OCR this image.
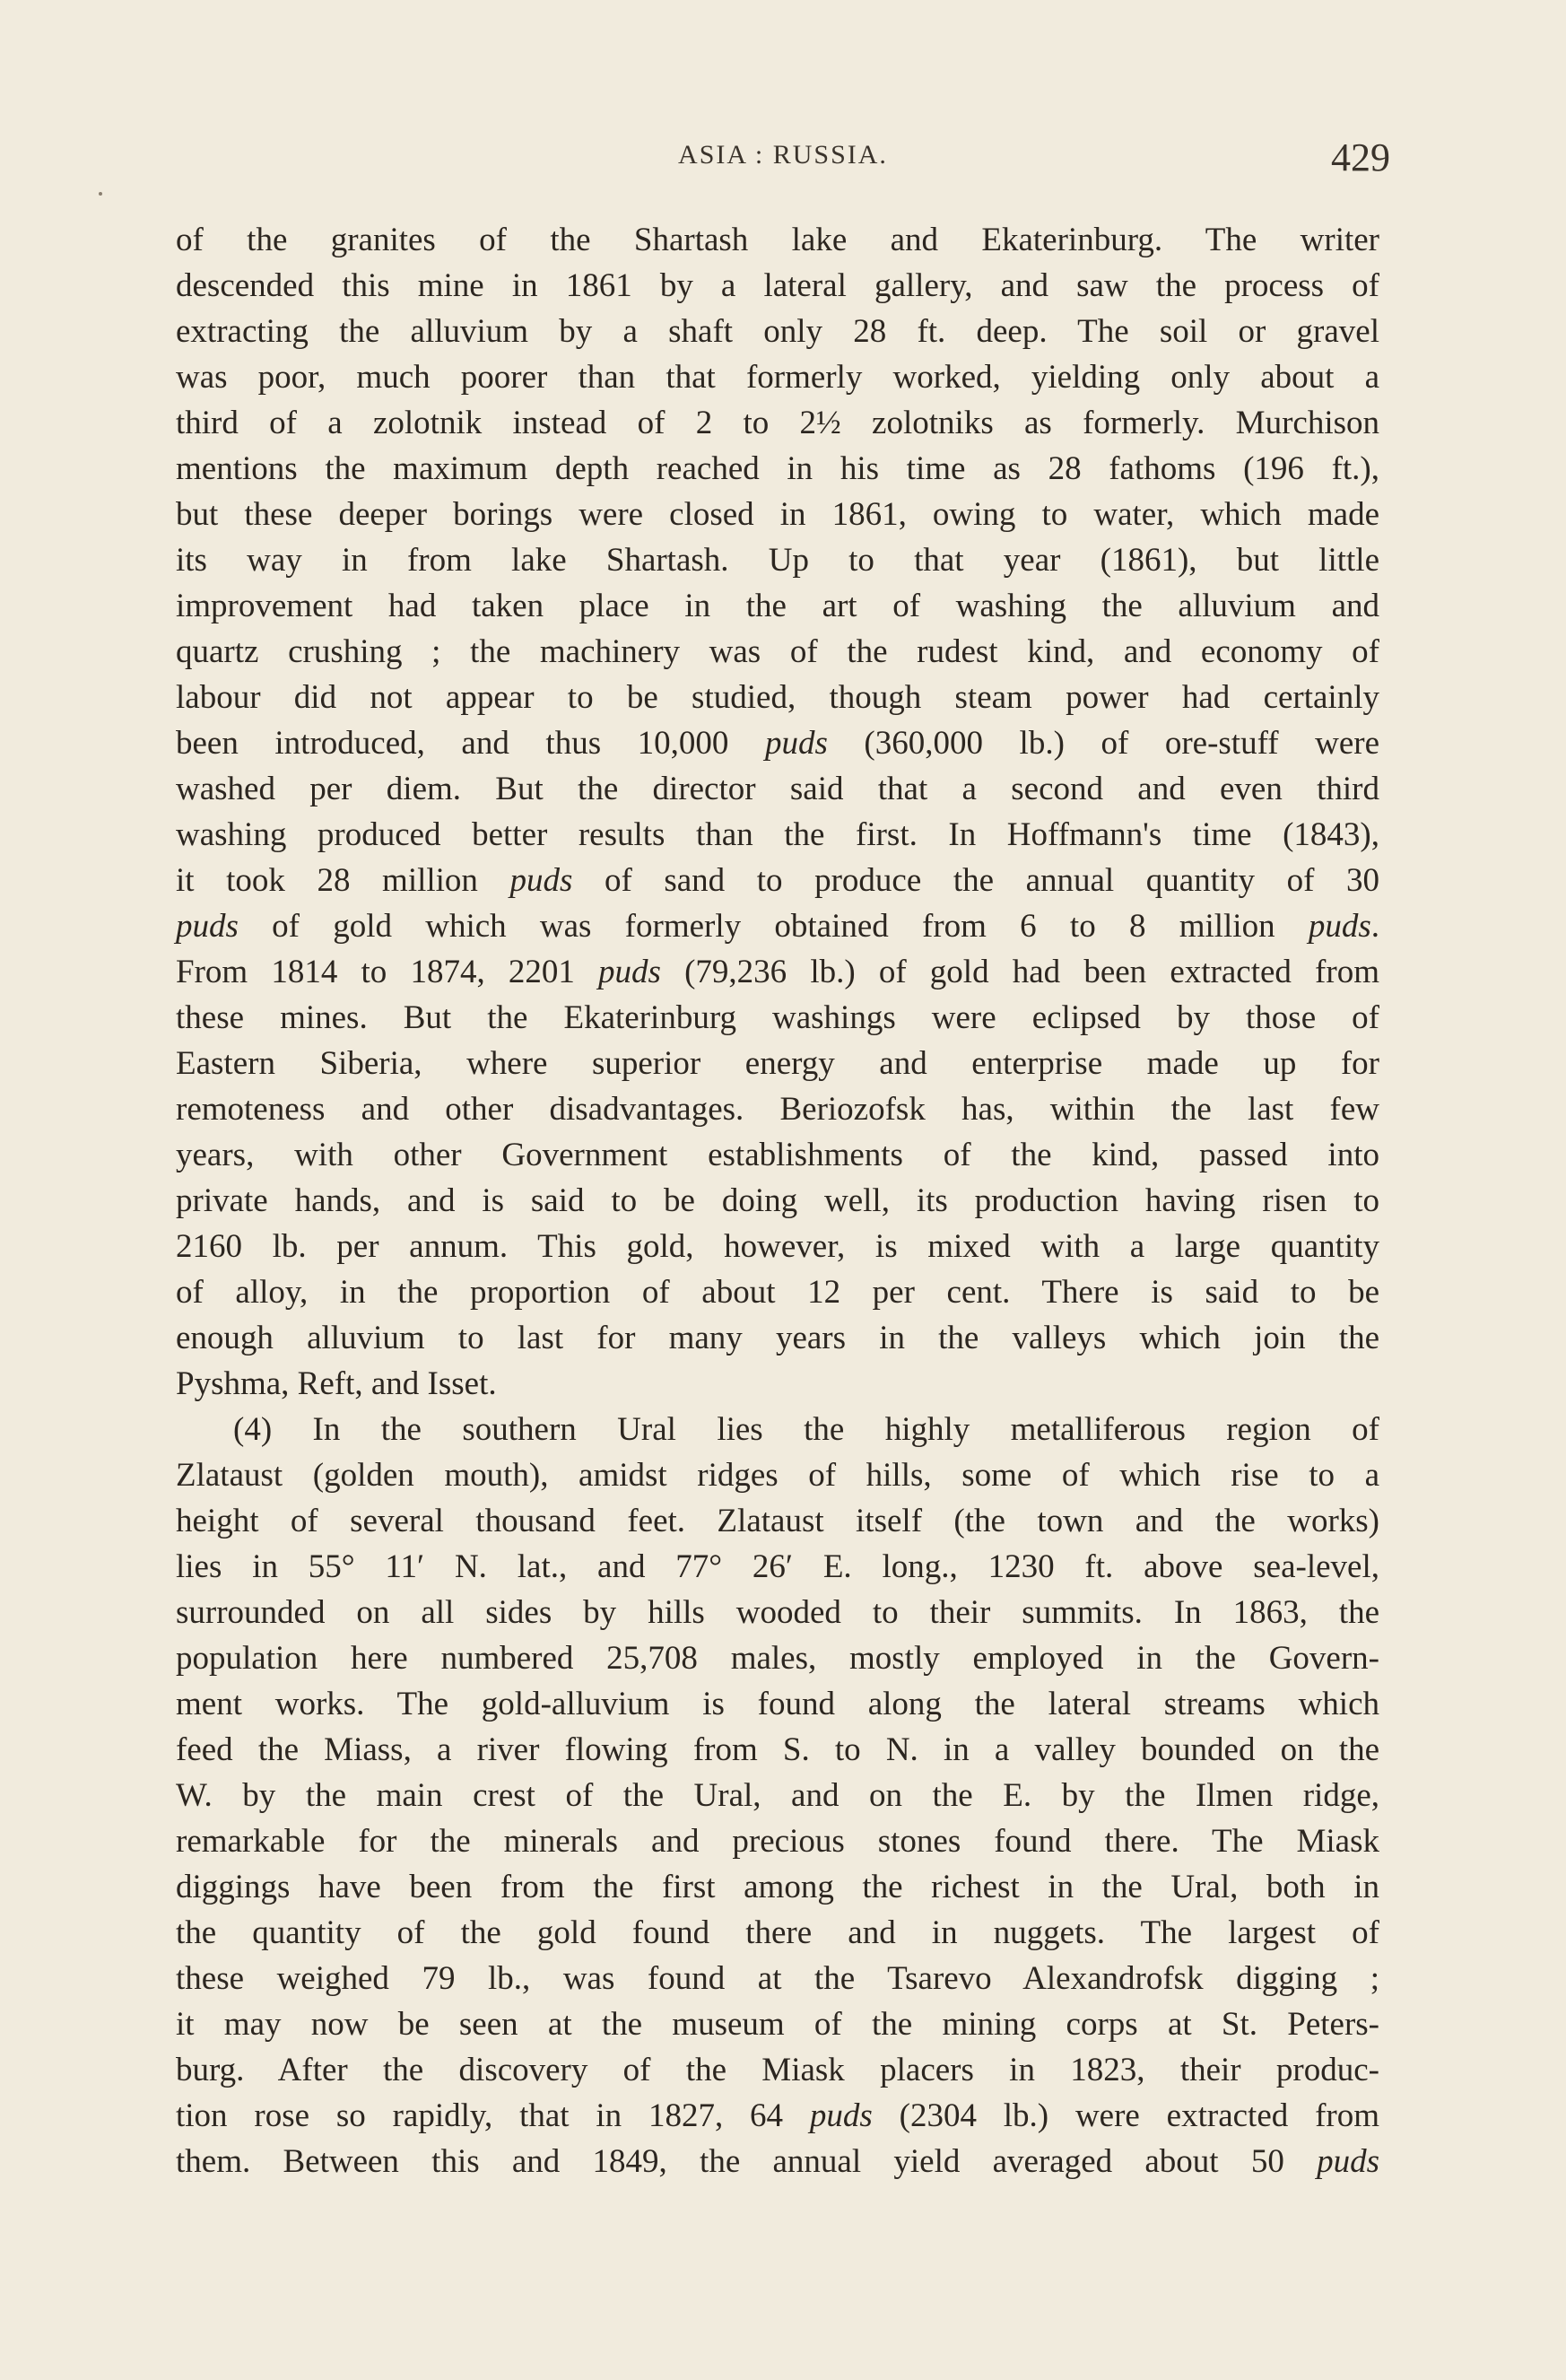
ASIA : RUSSIA.	429
of the granites of the Shartash lake and Ekaterinburg. The writer
descended this mine in 1861 by a lateral gallery, and saw the process of
extracting the alluvium by a shaft only 28 ft. deep. The soil or gravel
was poor, much poorer than that formerly worked, yielding only about a
third of a zolotnik instead of 2 to 2½ zolotniks as formerly. Murchison
mentions the maximum depth reached in his time as 28 fathoms (196 ft.),
but these deeper borings were closed in 1861, owing to water, which made
its way in from lake Shartash. Up to that year (1861), but little
improvement had taken place in the art of washing the alluvium and
quartz crushing ; the machinery was of the rudest kind, and economy of
labour did not appear to be studied, though steam power had certainly
been introduced, and thus 10,000 puds (360,000 lb.) of ore-stuff were
washed per diem. But the director said that a second and even third
washing produced better results than the first. In Hoffmann's time (1843),
it took 28 million puds of sand to produce the annual quantity of 30
puds of gold which was formerly obtained from 6 to 8 million puds.
From 1814 to 1874, 2201 puds (79,236 lb.) of gold had been extracted from
these mines. But the Ekaterinburg washings were eclipsed by those of
Eastern Siberia, where superior energy and enterprise made up for
remoteness and other disadvantages. Beriozofsk has, within the last few
years, with other Government establishments of the kind, passed into
private hands, and is said to be doing well, its production having risen to
2160 lb. per annum. This gold, however, is mixed with a large quantity
of alloy, in the proportion of about 12 per cent. There is said to be
enough alluvium to last for many years in the valleys which join the
Pyshma, Reft, and Isset.
(4) In the southern Ural lies the highly metalliferous region of
Zlataust (golden mouth), amidst ridges of hills, some of which rise to a
height of several thousand feet. Zlataust itself (the town and the works)
lies in 55° 11′ N. lat., and 77° 26′ E. long., 1230 ft. above sea-level,
surrounded on all sides by hills wooded to their summits. In 1863, the
population here numbered 25,708 males, mostly employed in the Govern-
ment works. The gold-alluvium is found along the lateral streams which
feed the Miass, a river flowing from S. to N. in a valley bounded on the
W. by the main crest of the Ural, and on the E. by the Ilmen ridge,
remarkable for the minerals and precious stones found there. The Miask
diggings have been from the first among the richest in the Ural, both in
the quantity of the gold found there and in nuggets. The largest of
these weighed 79 lb., was found at the Tsarevo Alexandrofsk digging ;
it may now be seen at the museum of the mining corps at St. Peters-
burg. After the discovery of the Miask placers in 1823, their produc-
tion rose so rapidly, that in 1827, 64 puds (2304 lb.) were extracted from
them. Between this and 1849, the annual yield averaged about 50 puds
